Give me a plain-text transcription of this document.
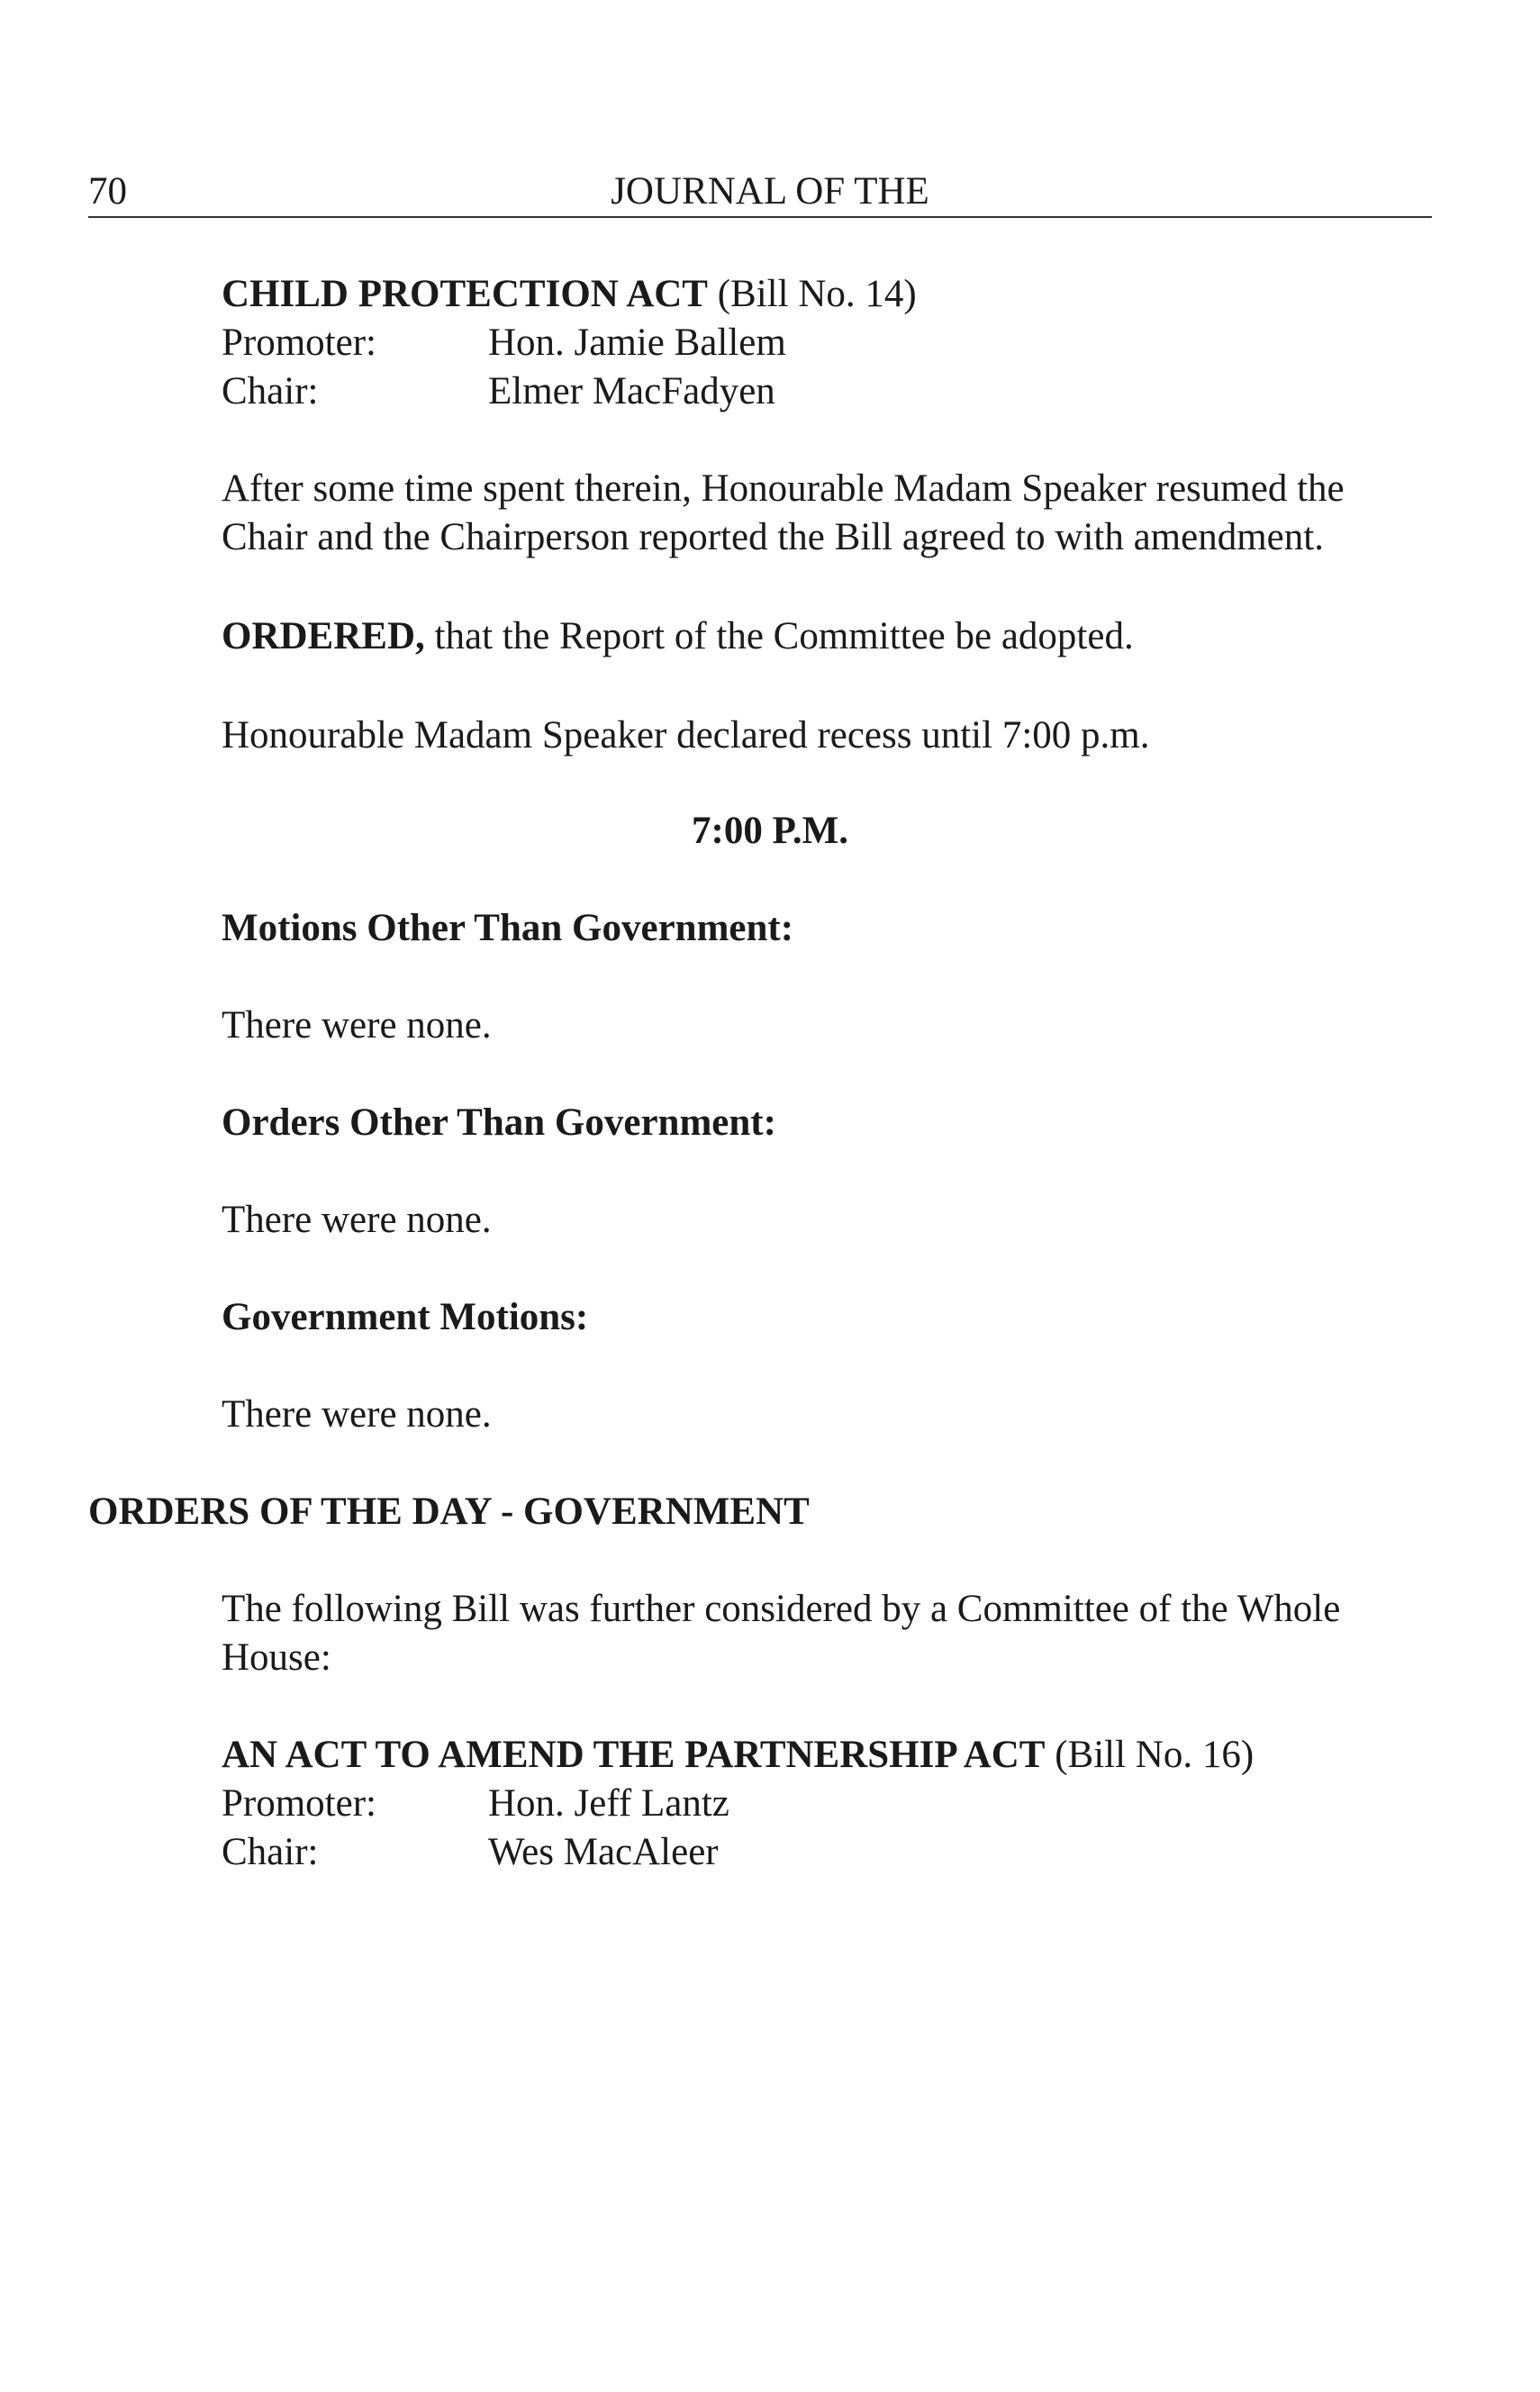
70	JOURNAL OF THE
CHILD PROTECTION ACT (Bill No. 14)
Promoter:	Hon. Jamie Ballem
Chair:	Elmer MacFadyen
After some time spent therein, Honourable Madam Speaker resumed the
Chair and the Chairperson reported the Bill agreed to with amendment.
ORDERED, that the Report of the Committee be adopted.
Honourable Madam Speaker declared recess until 7:00 p.m.
7:00 P.M.
Motions Other Than Government:
There were none.
Orders Other Than Government:
There were none.
Government Motions:
There were none.
ORDERS OF THE DAY - GOVERNMENT
The following Bill was further considered by a Committee of the Whole
House:
AN ACT TO AMEND THE PARTNERSHIP ACT (Bill No. 16)
Promoter:	Hon. Jeff Lantz
Chair:	Wes MacAleer
